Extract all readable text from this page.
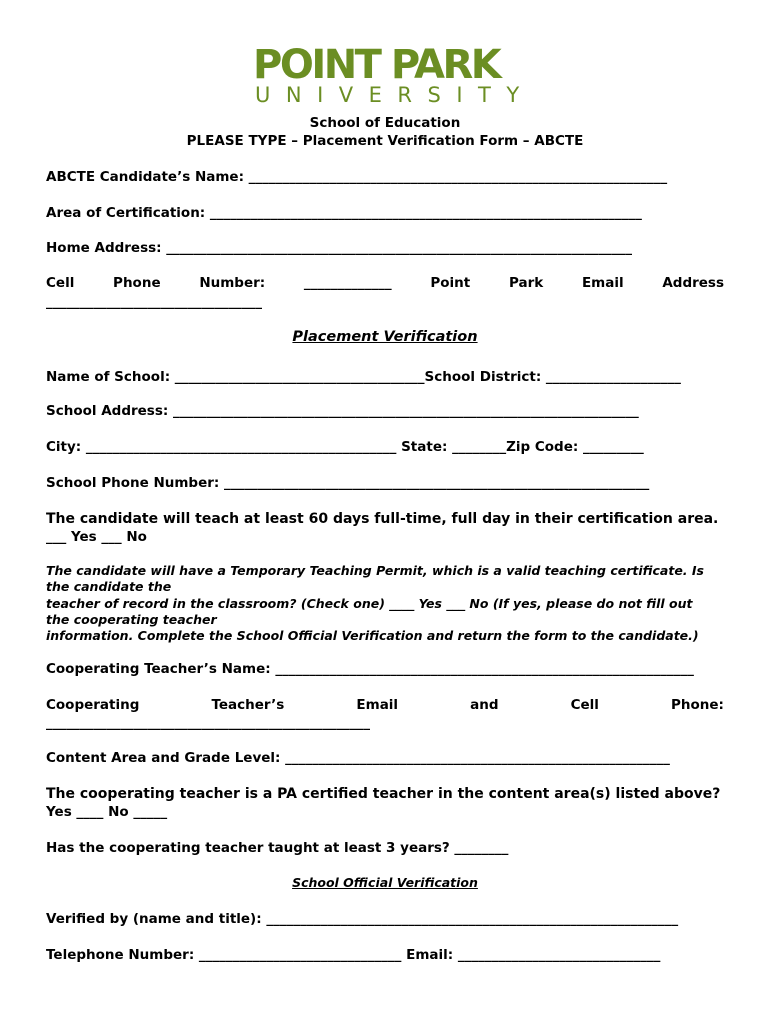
POINT PARK
UNIVERSITY
School of Education
PLEASE TYPE – Placement Verification Form – ABCTE
ABCTE Candidate’s Name: ______________________________________________________________
Area of Certification: ________________________________________________________________
Home Address: _____________________________________________________________________
Cell	Phone	Number:	_____________	Point	Park	Email	Address
________________________________
Placement Verification
Name of School: _____________________________________School District: ____________________
School Address: _____________________________________________________________________
City: ______________________________________________ State: ________Zip Code: _________
School Phone Number: _______________________________________________________________
The candidate will teach at least 60 days full-time, full day in their certification area.
___ Yes ___ No
The candidate will have a Temporary Teaching Permit, which is a valid teaching certificate. Is
the candidate the
teacher of record in the classroom? (Check one) ____ Yes ___ No (If yes, please do not fill out
the cooperating teacher
information. Complete the School Official Verification and return the form to the candidate.)
Cooperating Teacher’s Name: ______________________________________________________________
Cooperating	Teacher’s	Email	and	Cell	Phone:
________________________________________________
Content Area and Grade Level: _________________________________________________________
The cooperating teacher is a PA certified teacher in the content area(s) listed above?
Yes ____ No _____
Has the cooperating teacher taught at least 3 years? ________
School Official Verification
Verified by (name and title): _____________________________________________________________
Telephone Number: ______________________________ Email: ______________________________
